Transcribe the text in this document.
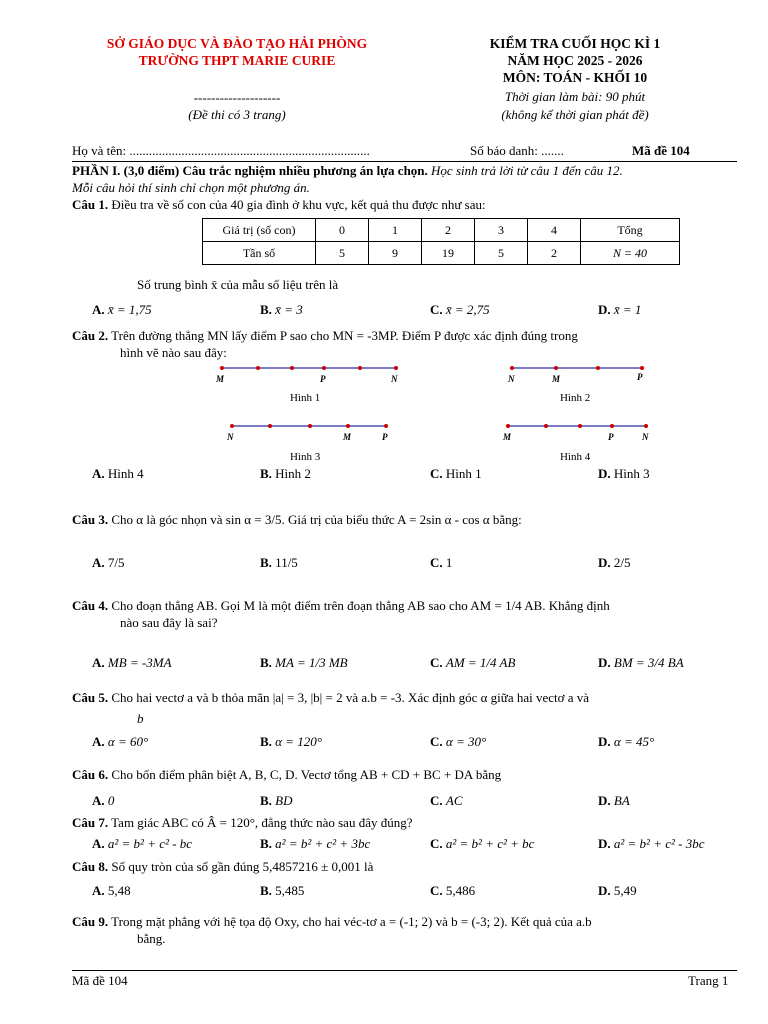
SỞ GIÁO DỤC VÀ ĐÀO TẠO HẢI PHÒNG
TRƯỜNG THPT MARIE CURIE
--------------------
(Đề thi có 3 trang)
KIỂM TRA CUỐI HỌC KÌ 1
NĂM HỌC 2025 - 2026
MÔN: TOÁN - KHỐI 10
Thời gian làm bài: 90 phút
(không kể thời gian phát đề)
Họ và tên: ..........................................................................	Số báo danh: .......	Mã đề 104
PHẦN I. (3,0 điểm) Câu trắc nghiệm nhiều phương án lựa chọn. Học sinh trả lời từ câu 1 đến câu 12.
Mỗi câu hỏi thí sinh chỉ chọn một phương án.
Câu 1. Điều tra về số con của 40 gia đình ở khu vực, kết quả thu được như sau:
Giá trị (số con)	0	1	2	3	4	Tổng
Tần số	5	9	19	5	2	N = 40
Số trung bình x̄ của mẫu số liệu trên là
A. x̄ = 1,75	B. x̄ = 3	C. x̄ = 2,75	D. x̄ = 1
Câu 2. Trên đường thẳng MN lấy điểm P sao cho MN = -3MP. Điểm P được xác định đúng trong
hình vẽ nào sau đây:
M	P	N	N	M	P
N	M	P	M	P	N
Hình 1	Hình 2
Hình 3	Hình 4
A. Hình 4	B. Hình 2	C. Hình 1	D. Hình 3
Câu 3. Cho α là góc nhọn và sin α = 3/5. Giá trị của biểu thức A = 2sin α - cos α bằng:
A. 7/5	B. 11/5	C. 1	D. 2/5
Câu 4. Cho đoạn thẳng AB. Gọi M là một điểm trên đoạn thẳng AB sao cho AM = 1/4 AB. Khẳng định
nào sau đây là sai?
A. MB = -3MA	B. MA = 1/3 MB	C. AM = 1/4 AB	D. BM = 3/4 BA
Câu 5. Cho hai vectơ a và b thỏa mãn |a| = 3, |b| = 2 và a.b = -3. Xác định góc α giữa hai vectơ a và
b
A. α = 60°	B. α = 120°	C. α = 30°	D. α = 45°
Câu 6. Cho bốn điểm phân biệt A, B, C, D. Vectơ tổng AB + CD + BC + DA bằng
A. 0	B. BD	C. AC	D. BA
Câu 7. Tam giác ABC có Â = 120°, đẳng thức nào sau đây đúng?
A. a² = b² + c² - bc	B. a² = b² + c² + 3bc	C. a² = b² + c² + bc	D. a² = b² + c² - 3bc
Câu 8. Số quy tròn của số gần đúng 5,4857216 ± 0,001 là
A. 5,48	B. 5,485	C. 5,486	D. 5,49
Câu 9. Trong mặt phẳng với hệ tọa độ Oxy, cho hai véc-tơ a = (-1; 2) và b = (-3; 2). Kết quả của a.b
bằng.
Mã đề 104	Trang 1
